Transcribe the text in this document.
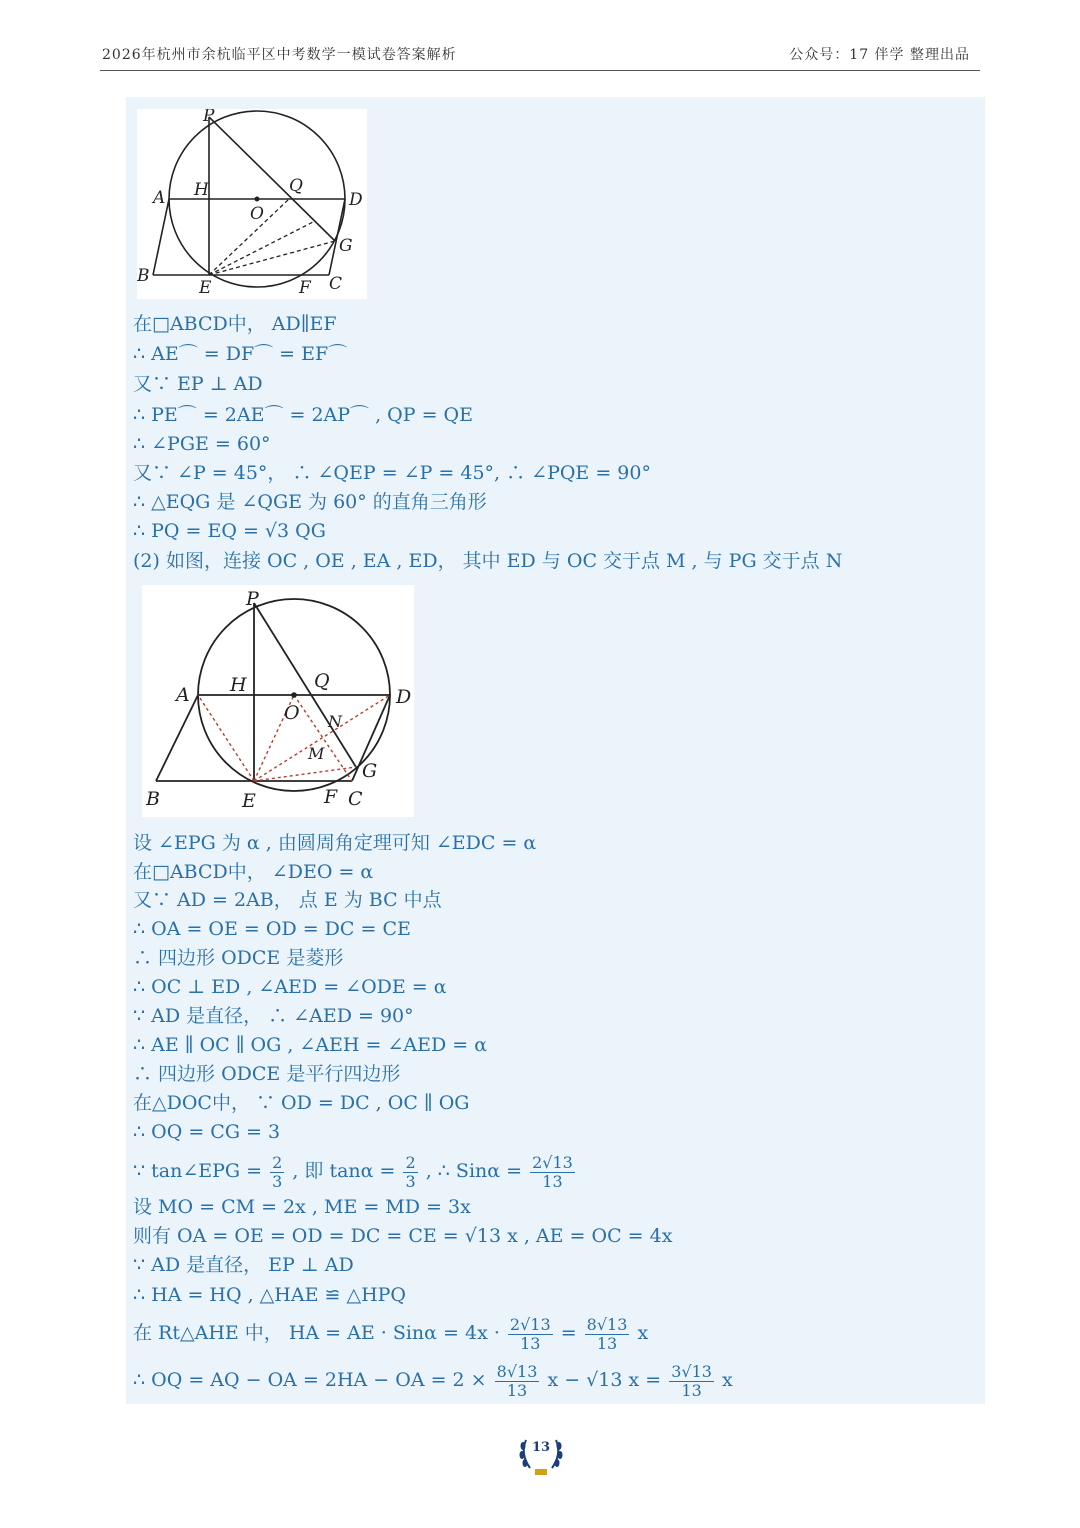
2026年杭州市余杭临平区中考数学一模试卷答案解析	公众号：17 伴学 整理出品
P
A H	Q
D
O
G
B
E	F C
在□ABCD中， AD∥EF
∴ AE⌒ = DF⌒ = EF⌒
又∵ EP ⊥ AD
∴ PE⌒ = 2AE⌒ = 2AP⌒ , QP = QE
∴ ∠PGE = 60°
又∵ ∠P = 45°， ∴ ∠QEP = ∠P = 45°, ∴ ∠PQE = 90°
∴ △EQG 是 ∠QGE 为 60° 的直角三角形
∴ PQ = EQ = √3 QG
(2) 如图，连接 OC , OE , EA , ED， 其中 ED 与 OC 交于点 M , 与 PG 交于点 N
P
A H	Q
D
O N
M
G
B	E	F C
设 ∠EPG 为 α , 由圆周角定理可知 ∠EDC = α
在□ABCD中， ∠DEO = α
又∵ AD = 2AB， 点 E 为 BC 中点
∴ OA = OE = OD = DC = CE
∴ 四边形 ODCE 是菱形
∴ OC ⊥ ED , ∠AED = ∠ODE = α
∵ AD 是直径， ∴ ∠AED = 90°
∴ AE ∥ OC ∥ OG , ∠AEH = ∠AED = α
∴ 四边形 ODCE 是平行四边形
在△DOC中， ∵ OD = DC , OC ∥ OG
∴ OQ = CG = 3
∵ tan∠EPG = $\frac{2}{3}$ , 即 $\tan\alpha = \frac{2}{3}$ , ∴ $Sin\alpha = \frac{2√13}{13}$
设 MO = CM = 2x , ME = MD = 3x
则有 OA = OE = OD = DC = CE = √13 x , AE = OC = 4x
∵ AD 是直径， EP ⊥ AD
∴ HA = HQ , △HAE ≌ △HPQ
在 Rt△AHE 中， HA = AE · $Sin\alpha = 4x \cdot \frac{2√13}{13} = \frac{8√13}{13}$ x
∴ OQ = AQ − OA = 2HA − OA = $2 \times \frac{8√13}{13}$ x − √13 $x = \frac{3√13}{13}$ x
13
